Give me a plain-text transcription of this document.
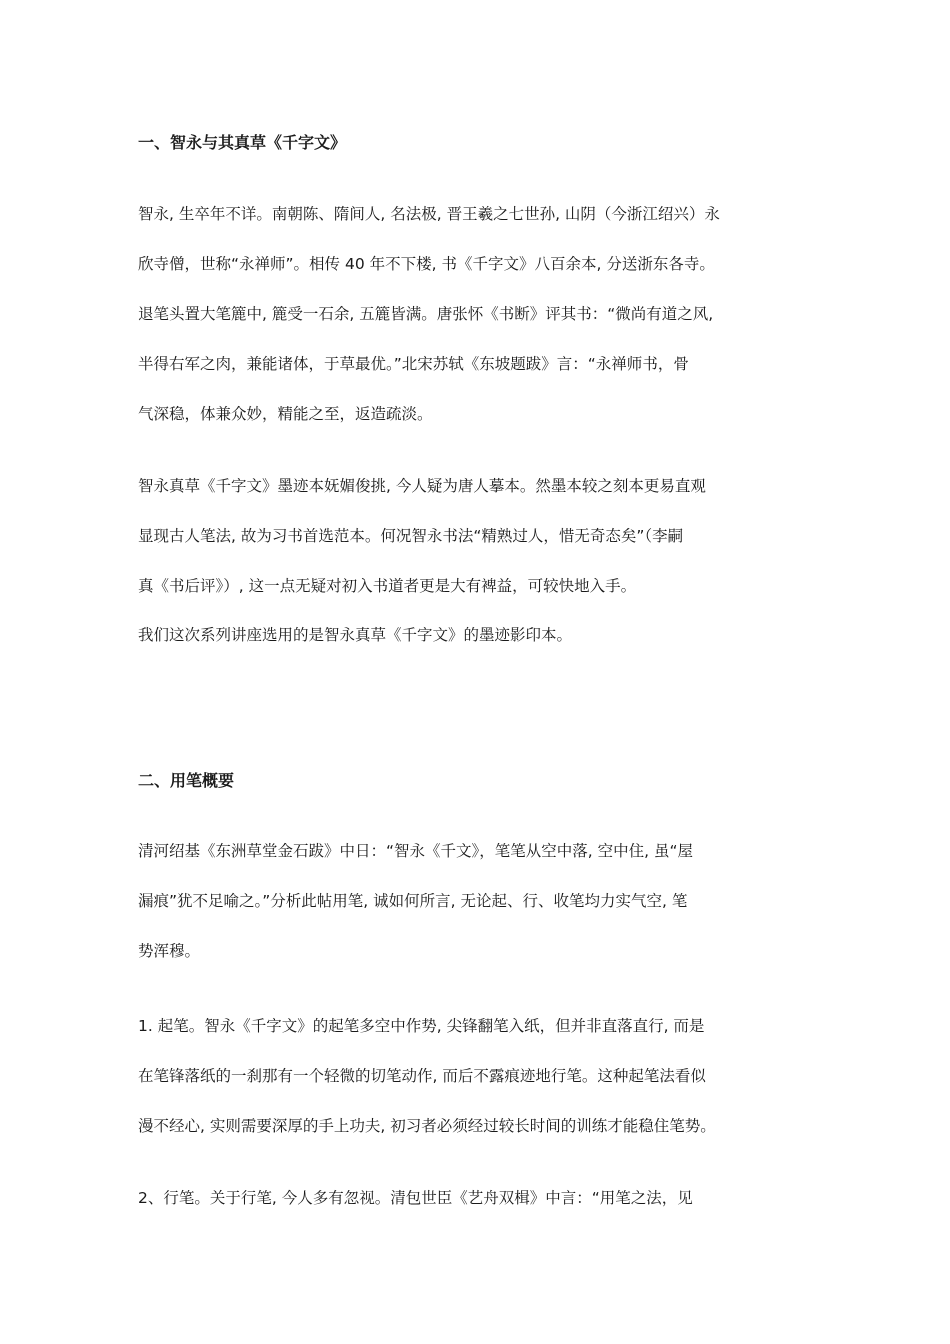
一、智永与其真草《千字文》
智永, 生卒年不详。南朝陈、隋间人, 名法极, 晋王羲之七世孙, 山阴（今浙江绍兴）永
欣寺僧，世称“永禅师”。相传 40 年不下楼, 书《千字文》八百余本, 分送浙东各寺。
退笔头置大笔簏中, 簏受一石余, 五簏皆满。唐张怀《书断》评其书：“微尚有道之风,
半得右军之肉，兼能诸体，于草最优。”北宋苏轼《东坡题跋》言：“永禅师书，骨
气深稳，体兼众妙，精能之至，返造疏淡。
智永真草《千字文》墨迹本妩媚俊挑, 今人疑为唐人摹本。然墨本较之刻本更易直观
显现古人笔法, 故为习书首选范本。何况智永书法“精熟过人，惜无奇态矣”（李嗣
真《书后评》）, 这一点无疑对初入书道者更是大有裨益，可较快地入手。
我们这次系列讲座选用的是智永真草《千字文》的墨迹影印本。
二、用笔概要
清河绍基《东洲草堂金石跋》中日：“智永《千文》，笔笔从空中落, 空中住, 虽“屋
漏痕”犹不足喻之。”分析此帖用笔, 诚如何所言, 无论起、行、收笔均力实气空, 笔
势浑穆。
1. 起笔。智永《千字文》的起笔多空中作势, 尖锋翻笔入纸，但并非直落直行, 而是
在笔锋落纸的一刹那有一个轻微的切笔动作, 而后不露痕迹地行笔。这种起笔法看似
漫不经心, 实则需要深厚的手上功夫, 初习者必须经过较长时间的训练才能稳住笔势。
2、行笔。关于行笔, 今人多有忽视。清包世臣《艺舟双楫》中言：“用笔之法，见
